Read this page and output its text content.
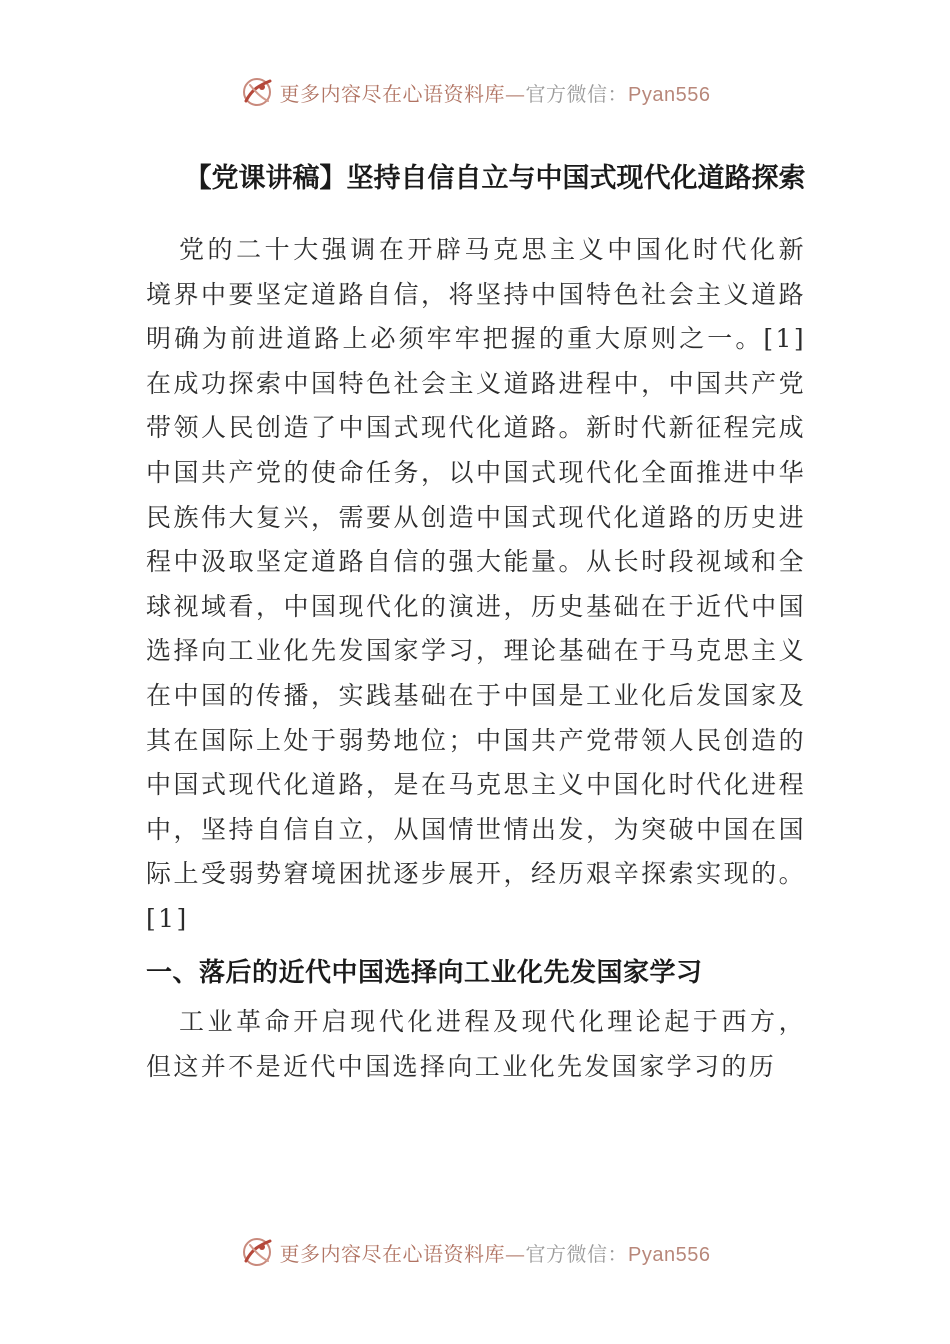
更多内容尽在心语资料库—官方微信：Pyan556
【党课讲稿】坚持自信自立与中国式现代化道路探索

党的二十大强调在开辟马克思主义中国化时代化新境界中要坚定道路自信，将坚持中国特色社会主义道路明确为前进道路上必须牢牢把握的重大原则之一。[1]在成功探索中国特色社会主义道路进程中，中国共产党带领人民创造了中国式现代化道路。新时代新征程完成中国共产党的使命任务，以中国式现代化全面推进中华民族伟大复兴，需要从创造中国式现代化道路的历史进程中汲取坚定道路自信的强大能量。从长时段视域和全球视域看，中国现代化的演进，历史基础在于近代中国选择向工业化先发国家学习，理论基础在于马克思主义在中国的传播，实践基础在于中国是工业化后发国家及其在国际上处于弱势地位；中国共产党带领人民创造的中国式现代化道路，是在马克思主义中国化时代化进程中，坚持自信自立，从国情世情出发，为突破中国在国际上受弱势窘境困扰逐步展开，经历艰辛探索实现的。[1]

一、落后的近代中国选择向工业化先发国家学习

工业革命开启现代化进程及现代化理论起于西方，但这并不是近代中国选择向工业化先发国家学习的历

更多内容尽在心语资料库—官方微信：Pyan556
